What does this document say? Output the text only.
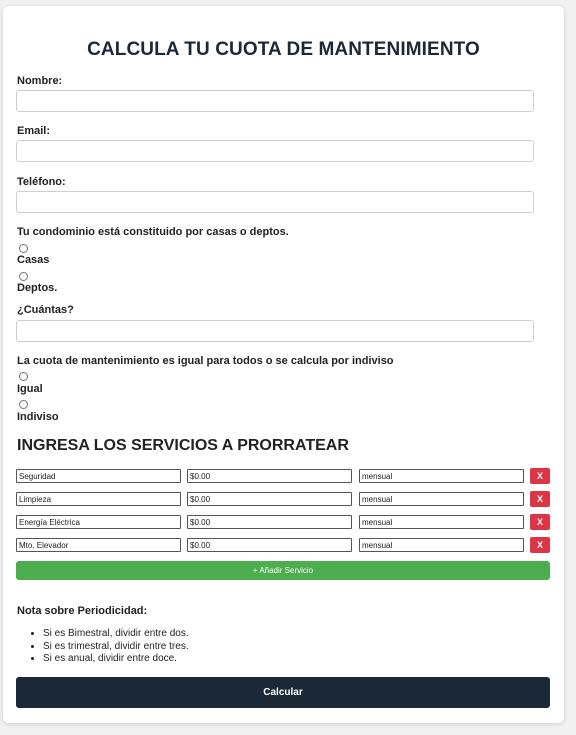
CALCULA TU CUOTA DE MANTENIMIENTO
Nombre:
Email:
Teléfono:
Tu condominio está constituido por casas o deptos.
Casas
Deptos.
¿Cuántas?
La cuota de mantenimiento es igual para todos o se calcula por indiviso
Igual
Indiviso
INGRESA LOS SERVICIOS A PRORRATEAR
Seguridad
$0.00
mensual
X
Limpieza
$0.00
mensual
X
Energía Eléctrica
$0.00
mensual
X
Mto. Elevador
$0.00
mensual
X
+ Añadir Servicio
Nota sobre Periodicidad:
• Si es Bimestral, dividir entre dos.
• Si es trimestral, dividir entre tres.
• Si es anual, dividir entre doce.
Calcular
